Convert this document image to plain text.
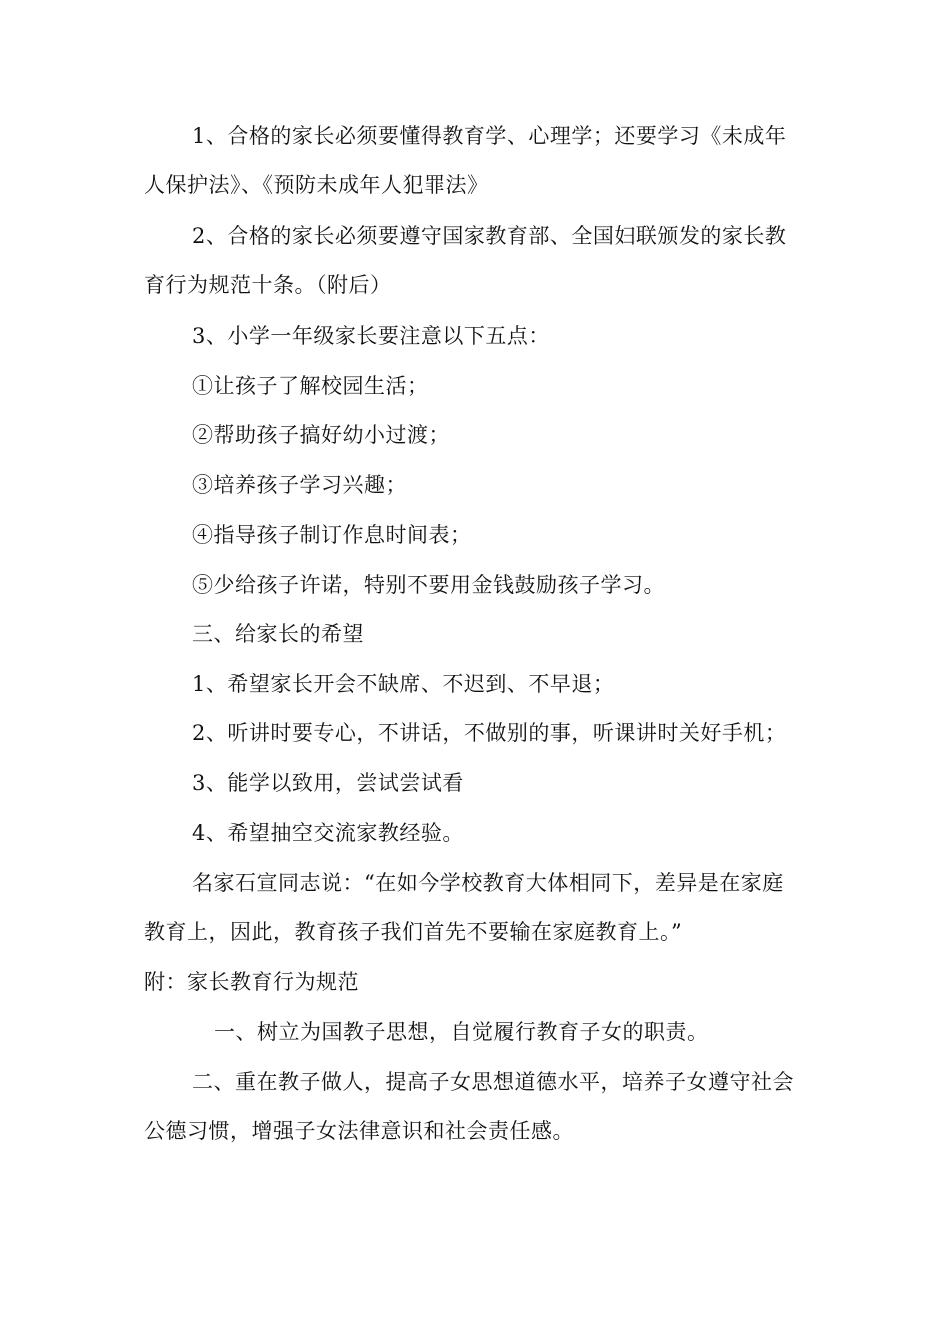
1、合格的家长必须要懂得教育学、心理学；还要学习《未成年
人保护法》、《预防未成年人犯罪法》
2、合格的家长必须要遵守国家教育部、全国妇联颁发的家长教
育行为规范十条。（附后）
3、小学一年级家长要注意以下五点：
①让孩子了解校园生活；
②帮助孩子搞好幼小过渡；
③培养孩子学习兴趣；
④指导孩子制订作息时间表；
⑤少给孩子许诺，特别不要用金钱鼓励孩子学习。
三、给家长的希望
1、希望家长开会不缺席、不迟到、不早退；
2、听讲时要专心，不讲话，不做别的事，听课讲时关好手机；
3、能学以致用，尝试尝试看
4、希望抽空交流家教经验。
名家石宣同志说：“在如今学校教育大体相同下，差异是在家庭
教育上，因此，教育孩子我们首先不要输在家庭教育上。”
附：家长教育行为规范
一、树立为国教子思想，自觉履行教育子女的职责。
二、重在教子做人，提高子女思想道德水平，培养子女遵守社会
公德习惯，增强子女法律意识和社会责任感。
